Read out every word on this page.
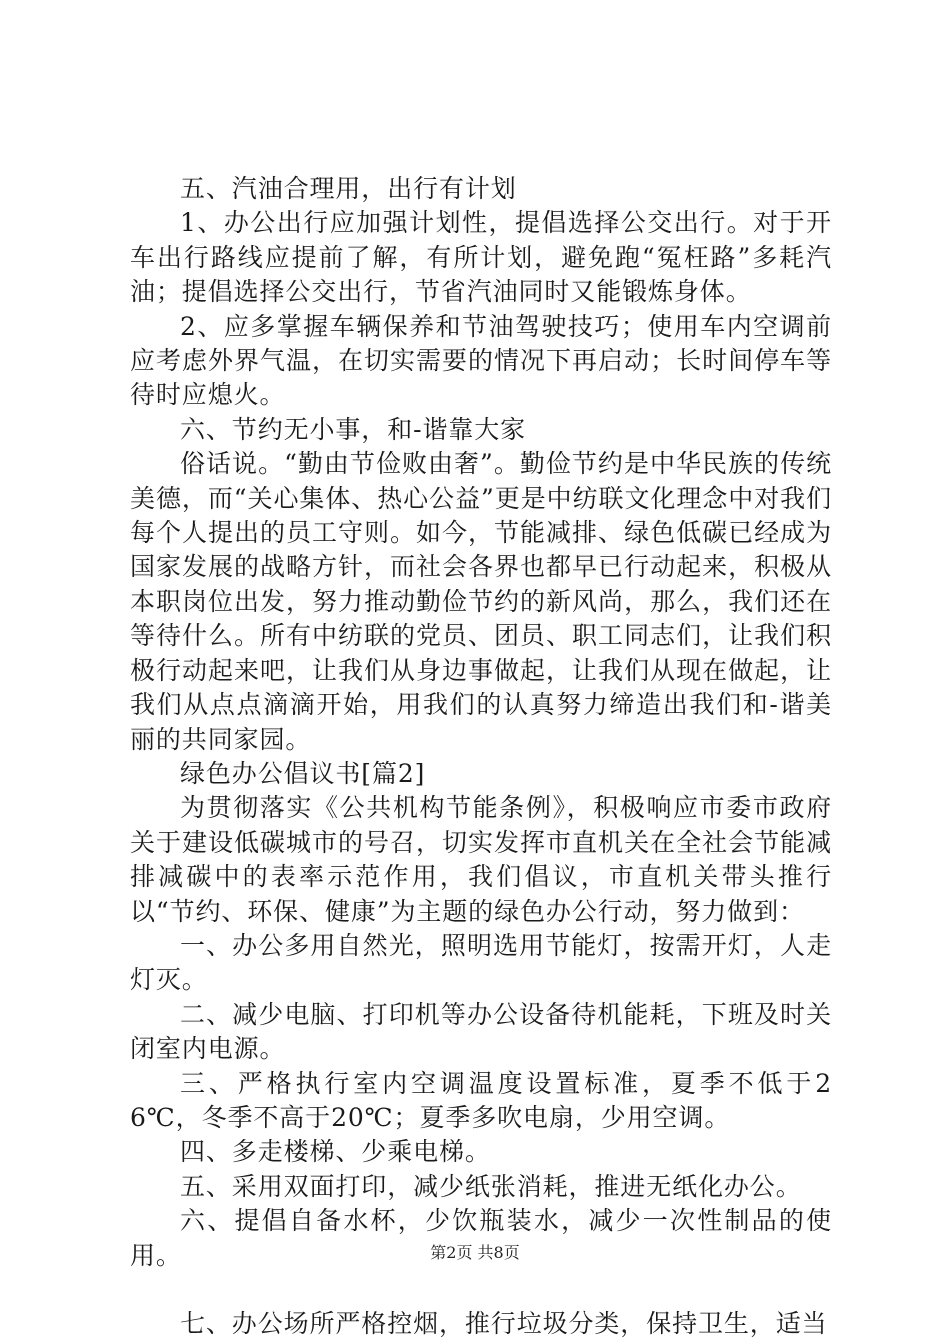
五、汽油合理用，出行有计划

1、办公出行应加强计划性，提倡选择公交出行。对于开车出行路线应提前了解，有所计划，避免跑“冤枉路”多耗汽油；提倡选择公交出行，节省汽油同时又能锻炼身体。

2、应多掌握车辆保养和节油驾驶技巧；使用车内空调前应考虑外界气温，在切实需要的情况下再启动；长时间停车等待时应熄火。

六、节约无小事，和-谐靠大家

俗话说。“勤由节俭败由奢”。勤俭节约是中华民族的传统美德，而“关心集体、热心公益”更是中纺联文化理念中对我们每个人提出的员工守则。如今，节能减排、绿色低碳已经成为国家发展的战略方针，而社会各界也都早已行动起来，积极从本职岗位出发，努力推动勤俭节约的新风尚，那么，我们还在等待什么。所有中纺联的党员、团员、职工同志们，让我们积极行动起来吧，让我们从身边事做起，让我们从现在做起，让我们从点点滴滴开始，用我们的认真努力缔造出我们和-谐美丽的共同家园。

绿色办公倡议书[篇2]

为贯彻落实《公共机构节能条例》，积极响应市委市政府关于建设低碳城市的号召，切实发挥市直机关在全社会节能减排减碳中的表率示范作用，我们倡议，市直机关带头推行以“节约、环保、健康”为主题的绿色办公行动，努力做到：

一、办公多用自然光，照明选用节能灯，按需开灯，人走灯灭。

二、减少电脑、打印机等办公设备待机能耗，下班及时关闭室内电源。

三、严格执行室内空调温度设置标准，夏季不低于26℃，冬季不高于20℃；夏季多吹电扇，少用空调。

四、多走楼梯、少乘电梯。

五、采用双面打印，减少纸张消耗，推进无纸化办公。

六、提倡自备水杯，少饮瓶装水，减少一次性制品的使用。

七、办公场所严格控烟，推行垃圾分类，保持卫生，适当

第2页 共8页
